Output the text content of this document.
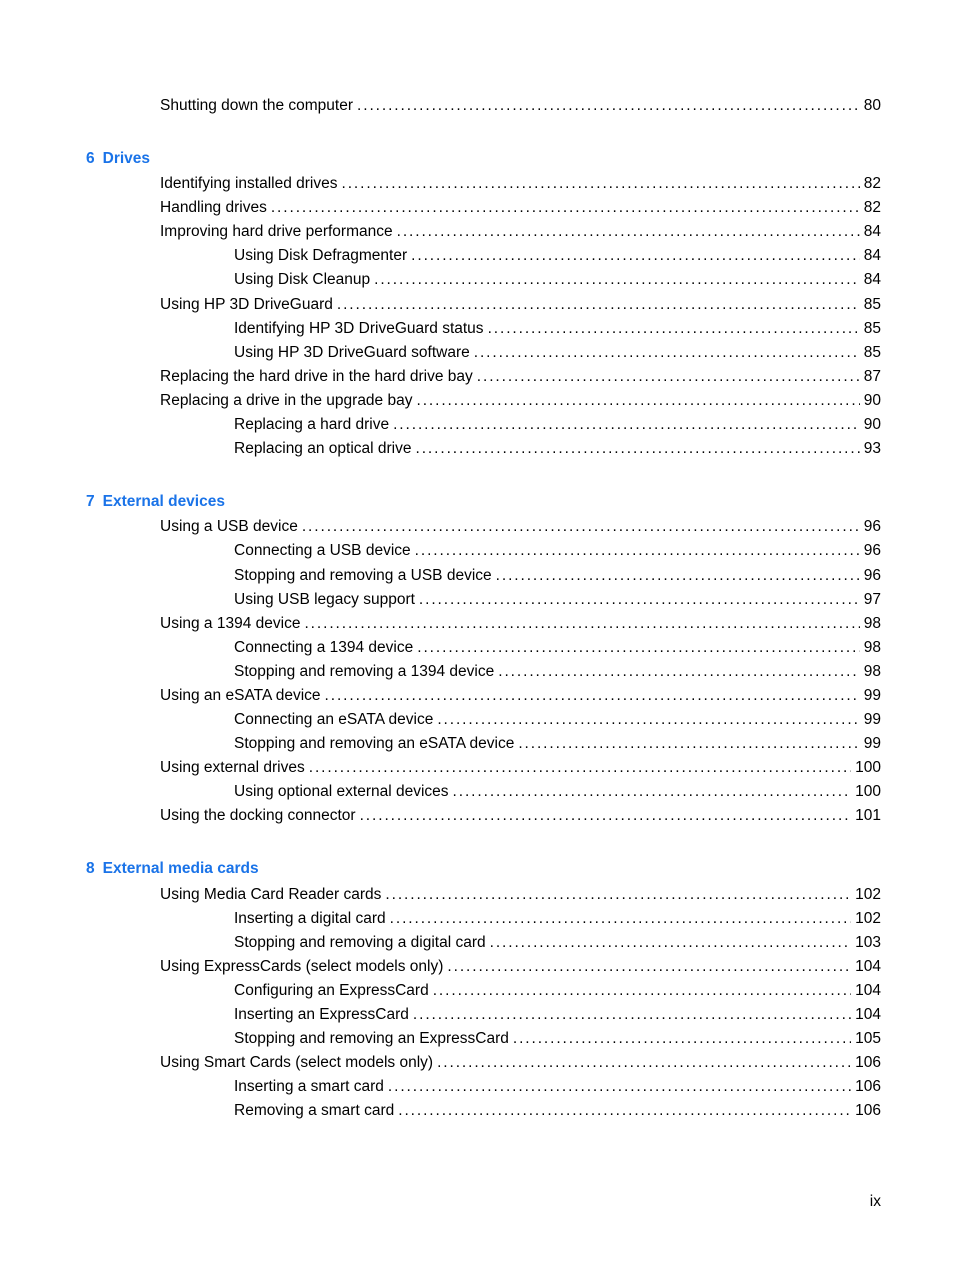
Shutting down the computer . . .	80
6 Drives
Identifying installed drives . . .	82
Handling drives . . .	82
Improving hard drive performance . . .	84
Using Disk Defragmenter . . .	84
Using Disk Cleanup . . .	84
Using HP 3D DriveGuard . . .	85
Identifying HP 3D DriveGuard status . . .	85
Using HP 3D DriveGuard software . . .	85
Replacing the hard drive in the hard drive bay . . .	87
Replacing a drive in the upgrade bay . . .	90
Replacing a hard drive . . .	90
Replacing an optical drive . . .	93
7 External devices
Using a USB device . . .	96
Connecting a USB device . . .	96
Stopping and removing a USB device . . .	96
Using USB legacy support . . .	97
Using a 1394 device . . .	98
Connecting a 1394 device . . .	98
Stopping and removing a 1394 device . . .	98
Using an eSATA device . . .	99
Connecting an eSATA device . . .	99
Stopping and removing an eSATA device . . .	99
Using external drives . . .	100
Using optional external devices . . .	100
Using the docking connector . . .	101
8 External media cards
Using Media Card Reader cards . . .	102
Inserting a digital card . . .	102
Stopping and removing a digital card . . .	103
Using ExpressCards (select models only) . . .	104
Configuring an ExpressCard . . .	104
Inserting an ExpressCard . . .	104
Stopping and removing an ExpressCard . . .	105
Using Smart Cards (select models only) . . .	106
Inserting a smart card . . .	106
Removing a smart card . . .	106
ix
